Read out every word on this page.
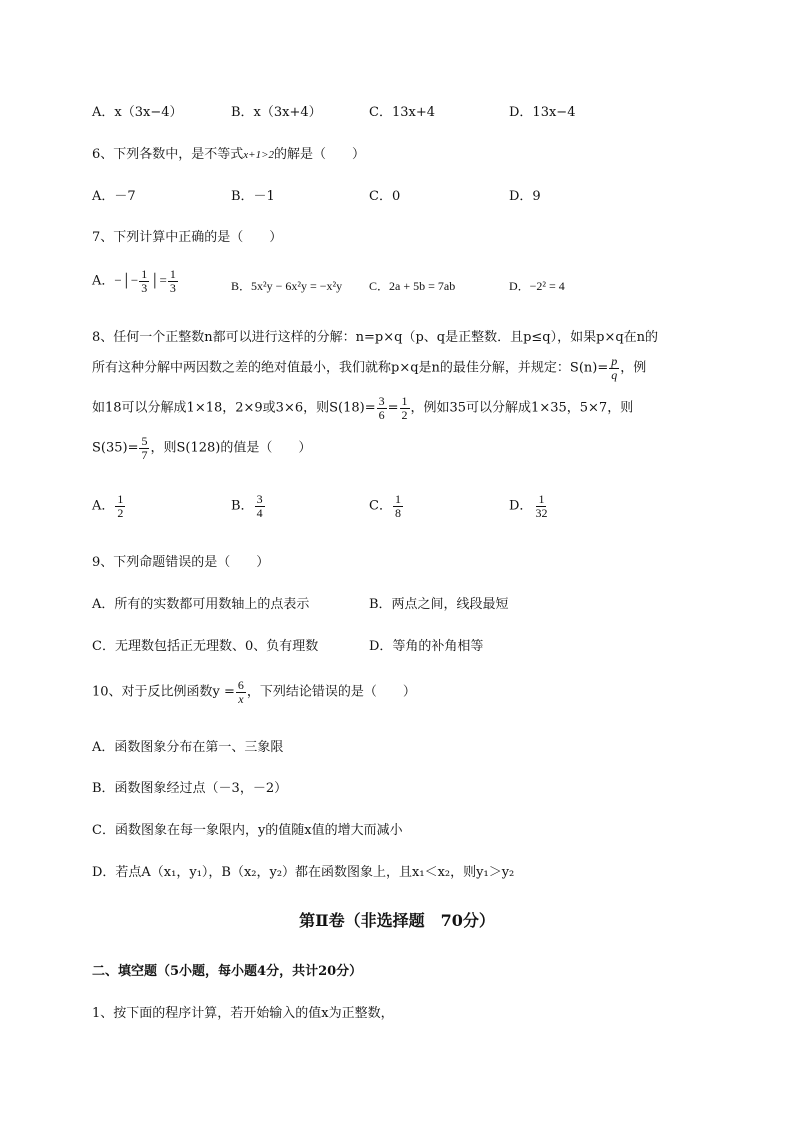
A．x（3x−4）	B．x（3x+4）	C．13x+4	D．13x−4
6、下列各数中，是不等式x+1>2的解是（　　）
A．－7	B．－1	C．0	D．9
7、下列计算中正确的是（　　）
A．−│− $\frac{1}{3}$ │= $\frac{1}{3}$	B．5x²y − 6x²y = −x²y C．2a + 5b = 7ab	D．−2² = 4
8、任何一个正整数n都可以进行这样的分解：n=p×q（p、q是正整数．且p≤q），如果p×q在n的
所有这种分解中两因数之差的绝对值最小，我们就称p×q是n的最佳分解，并规定：$S(n)= \frac{p}{q}$ ，例
如18可以分解成1×18，2×9或3×6，则$S(18)= \frac{3}{6} = \frac{1}{2}$ ，例如35可以分解成1×35，5×7，则
$S(35)= \frac{5}{7}$ ，则S(128)的值是（　　）
A． $\frac{1}{2}$	B． $\frac{3}{4}$	C． $\frac{1}{8}$	D． $\frac{1}{32}$
9、下列命题错误的是（　　）
A．所有的实数都可用数轴上的点表示	B．两点之间，线段最短
C．无理数包括正无理数、0、负有理数	D．等角的补角相等
10、对于反比例函数$y = \frac{6}{x}$ ，下列结论错误的是（　　）
A．函数图象分布在第一、三象限
B．函数图象经过点（－3，－2）
C．函数图象在每一象限内，y的值随x值的增大而减小
D．若点A（x₁，y₁），B（x₂，y₂）都在函数图象上，且x₁＜x₂，则y₁＞y₂
第Ⅱ卷（非选择题　70分）
二、填空题（5小题，每小题4分，共计20分）
1、按下面的程序计算，若开始输入的值x为正整数，
